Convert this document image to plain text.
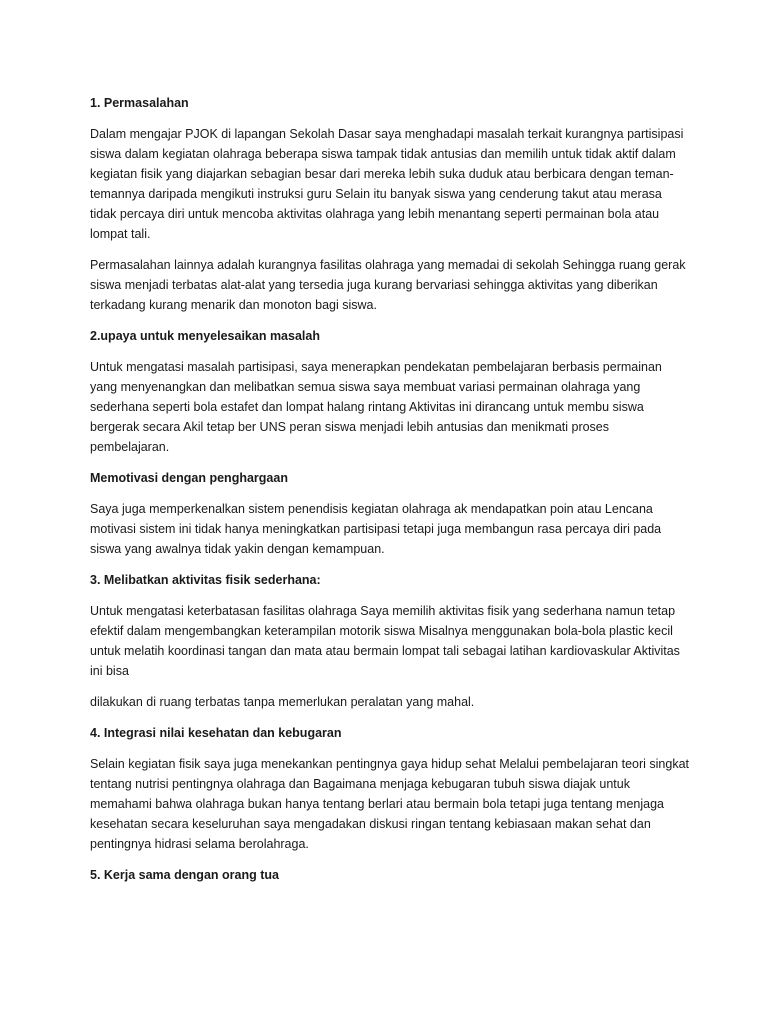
1. Permasalahan
Dalam mengajar PJOK di lapangan Sekolah Dasar saya menghadapi masalah terkait kurangnya partisipasi siswa dalam kegiatan olahraga beberapa siswa tampak tidak antusias dan memilih untuk tidak aktif dalam kegiatan fisik yang diajarkan sebagian besar dari mereka lebih suka duduk atau berbicara dengan teman-temannya daripada mengikuti instruksi guru Selain itu banyak siswa yang cenderung takut atau merasa tidak percaya diri untuk mencoba aktivitas olahraga yang lebih menantang seperti permainan bola atau lompat tali.
Permasalahan lainnya adalah kurangnya fasilitas olahraga yang memadai di sekolah Sehingga ruang gerak siswa menjadi terbatas alat-alat yang tersedia juga kurang bervariasi sehingga aktivitas yang diberikan terkadang kurang menarik dan monoton bagi siswa.
2.upaya untuk menyelesaikan masalah
Untuk mengatasi masalah partisipasi, saya menerapkan pendekatan pembelajaran berbasis permainan yang menyenangkan dan melibatkan semua siswa saya membuat variasi permainan olahraga yang sederhana seperti bola estafet dan lompat halang rintang Aktivitas ini dirancang untuk membu siswa bergerak secara Akil tetap ber UNS peran siswa menjadi lebih antusias dan menikmati proses pembelajaran.
Memotivasi dengan penghargaan
Saya juga memperkenalkan sistem penendisis kegiatan olahraga ak mendapatkan poin atau Lencana motivasi sistem ini tidak hanya meningkatkan partisipasi tetapi juga membangun rasa percaya diri pada siswa yang awalnya tidak yakin dengan kemampuan.
3. Melibatkan aktivitas fisik sederhana:
Untuk mengatasi keterbatasan fasilitas olahraga Saya memilih aktivitas fisik yang sederhana namun tetap efektif dalam mengembangkan keterampilan motorik siswa Misalnya menggunakan bola-bola plastic kecil untuk melatih koordinasi tangan dan mata atau bermain lompat tali sebagai latihan kardiovaskular Aktivitas ini bisa
dilakukan di ruang terbatas tanpa memerlukan peralatan yang mahal.
4. Integrasi nilai kesehatan dan kebugaran
Selain kegiatan fisik saya juga menekankan pentingnya gaya hidup sehat Melalui pembelajaran teori singkat tentang nutrisi pentingnya olahraga dan Bagaimana menjaga kebugaran tubuh siswa diajak untuk memahami bahwa olahraga bukan hanya tentang berlari atau bermain bola tetapi juga tentang menjaga kesehatan secara keseluruhan saya mengadakan diskusi ringan tentang kebiasaan makan sehat dan pentingnya hidrasi selama berolahraga.
5. Kerja sama dengan orang tua
